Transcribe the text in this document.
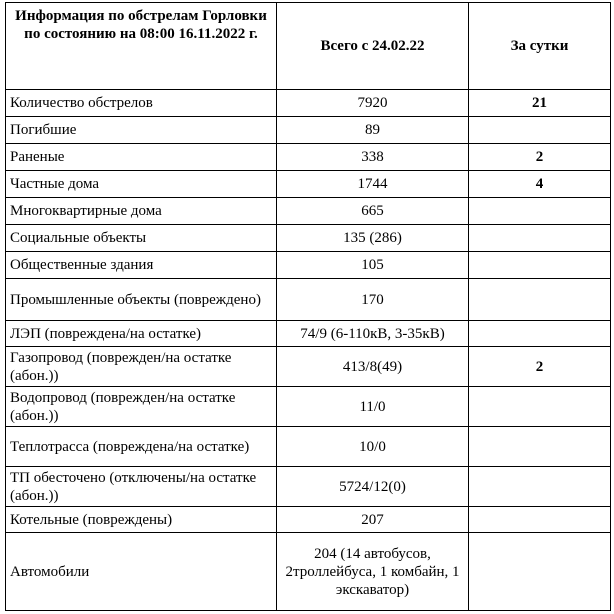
Информация по обстрелам Горловки по состоянию на 08:00 16.11.2022 г.	Всего с 24.02.22	За сутки
Количество обстрелов	7920	21
Погибшие	89	
Раненые	338	2
Частные дома	1744	4
Многоквартирные дома	665	
Социальные объекты	135 (286)	
Общественные здания	105	
Промышленные объекты (повреждено)	170	
ЛЭП (повреждена/на остатке)	74/9 (6-110кВ, 3-35кВ)	
Газопровод (поврежден/на остатке (абон.))	413/8(49)	2
Водопровод (поврежден/на остатке (абон.))	11/0	
Теплотрасса (повреждена/на остатке)	10/0	
ТП обесточено (отключены/на остатке (абон.))	5724/12(0)	
Котельные (повреждены)	207	
Автомобили	204 (14 автобусов, 2троллейбуса, 1 комбайн, 1 экскаватор)	
